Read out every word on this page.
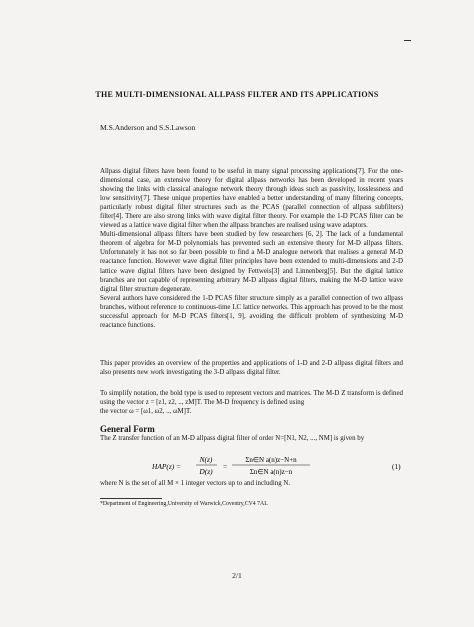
THE MULTI-DIMENSIONAL ALLPASS FILTER AND ITS APPLICATIONS
M.S.Anderson and S.S.Lawson

Allpass digital filters have been found to be useful in many signal processing applications[7]. For the one-dimensional case, an extensive theory for digital allpass networks has been developed in recent years showing the links with classical analogue network theory through ideas such as passivity, losslessness and low sensitivity[7]. These unique properties have enabled a better understanding of many filtering concepts, particularly robust digital filter structures such as the PCAS (parallel connection of allpass subfilters) filter[4]. There are also strong links with wave digital filter theory. For example the 1-D PCAS filter can be viewed as a lattice wave digital filter when the allpass branches are realised using wave adaptors.

Multi-dimensional allpass filters have been studied by few researchers [6, 2]. The lack of a fundamental theorem of algebra for M-D polynomials has prevented such an extensive theory for M-D allpass filters. Unfortunately it has not so far been possible to find a M-D analogue network that realises a general M-D reactance function. However wave digital filter principles have been extended to multi-dimensions and 2-D lattice wave digital filters have been designed by Fettweis[3] and Linnenberg[5]. But the digital lattice branches are not capable of representing arbitrary M-D allpass digital filters, making the M-D lattice wave digital filter structure degenerate.

Several authors have considered the 1-D PCAS filter structure simply as a parallel connection of two allpass branches, without reference to continuous-time LC lattice networks. This approach has proved to be the most successful approach for M-D PCAS filters[1, 9], avoiding the difficult problem of synthesizing M-D reactance functions.

This paper provides an overview of the properties and applications of 1-D and 2-D allpass digital filters and also presents new work investigating the 3-D allpass digital filter.

To simplify notation, the bold type is used to represent vectors and matrices. The M-D Z transform is defined using the vector z = [z1, z2, .., zM]T. The M-D frequency is defined using

the vector ω = [ω1, ω2, .., ωM]T.

General Form
The Z transfer function of an M-D allpass digital filter of order N=[N1, N2, ..., NM] is given by
HAP(z) =
N(z)
D(z)
=
Σn∈N a(n)z−N+n
Σn∈N a(n)z−n
(1)
where N is the set of all M × 1 integer vectors up to and including N.
*Department of Engineering,University of Warwick,Coventry,CV4 7AL
2/1
